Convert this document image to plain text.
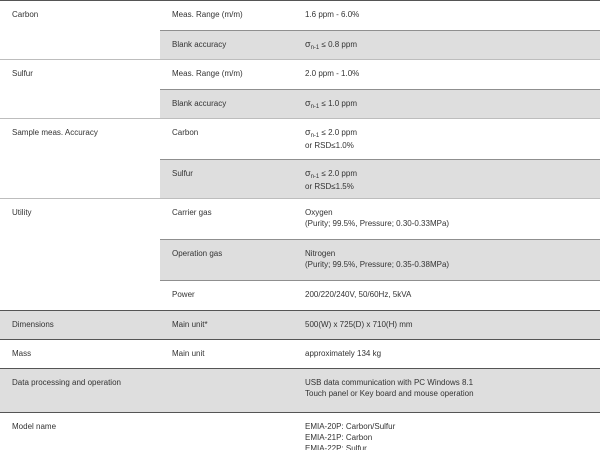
Carbon	Meas. Range (m/m)	1.6 ppm - 6.0%
	Blank accuracy	$\sigma_{n-1} \le 0.8$ ppm
Sulfur	Meas. Range (m/m)	2.0 ppm - 1.0%
	Blank accuracy	$\sigma_{n-1} \le 1.0$ ppm
Sample meas. Accuracy	Carbon	$\sigma_{n-1} \le 2.0$ ppm
or RSD≤1.0%
	Sulfur	$\sigma_{n-1} \le 2.0$ ppm
or RSD≤1.5%
Utility	Carrier gas	Oxygen
(Purity; 99.5%, Pressure; 0.30-0.33MPa)
	Operation gas	Nitrogen
(Purity; 99.5%, Pressure; 0.35-0.38MPa)
	Power	200/220/240V, 50/60Hz, 5kVA
Dimensions	Main unit*	500(W) x 725(D) x 710(H) mm
Mass	Main unit	approximately 134 kg
Data processing and operation		USB data communication with PC Windows 8.1
Touch panel or Key board and mouse operation
Model name		EMIA-20P: Carbon/Sulfur
EMIA-21P: Carbon
EMIA-22P: Sulfur
